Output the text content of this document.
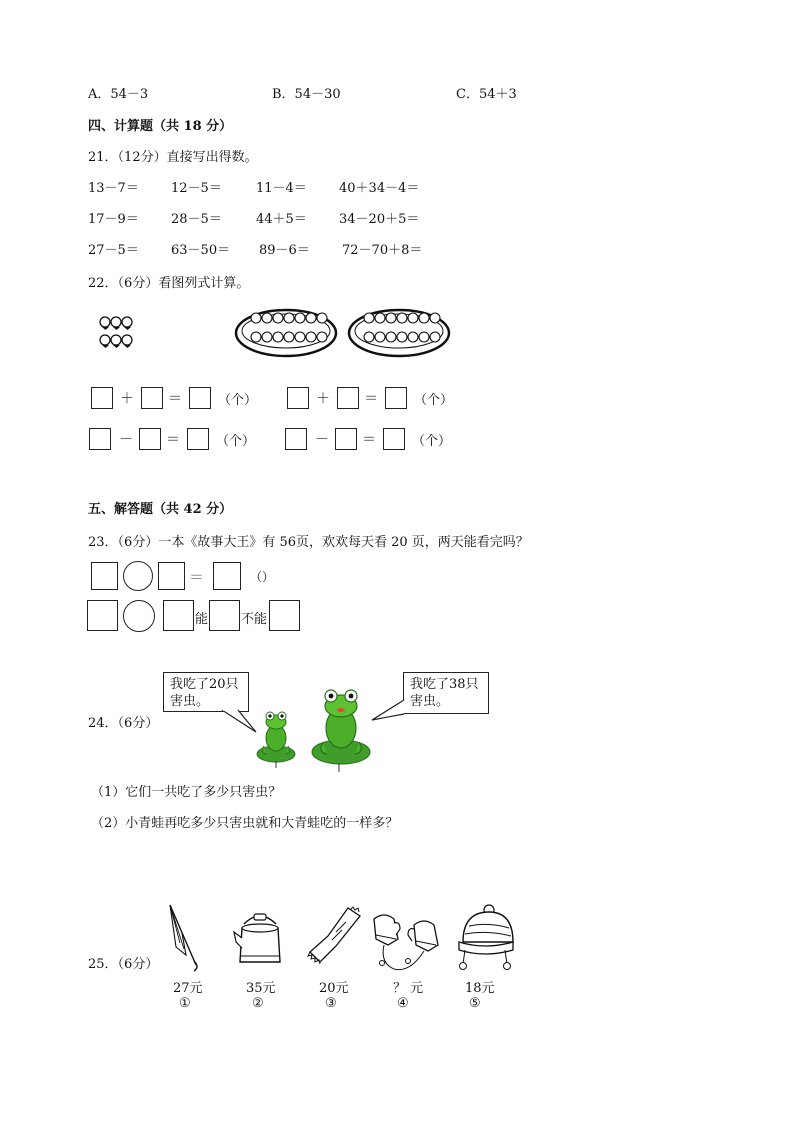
A．54－3	B．54－30	C．54＋3
四、计算题（共 18 分）
21．（12分）直接写出得数。
13－7＝ 12－5＝	11－4＝ 40＋34－4＝
17－9＝ 28－5＝	44＋5＝ 34－20＋5＝
27－5＝ 63－50＝ 89－6＝ 72－70＋8＝
22．（6分）看图列式计算。
＋ ＝	（个）	＋ ＝	（个）
－ ＝	（个）	－ ＝	（个）
五、解答题（共 42 分）
23．（6分）一本《故事大王》有 56页，欢欢每天看 20 页，两天能看完吗？
＝	（）
能	不能
24．（6分）
我吃了20只
害虫。
我吃了38只
害虫。
（1）它们一共吃了多少只害虫？
（2）小青蛙再吃多少只害虫就和大青蛙吃的一样多？
25．（6分）
27元
①
35元
②
20元
③
？ 元
④
18元
⑤
